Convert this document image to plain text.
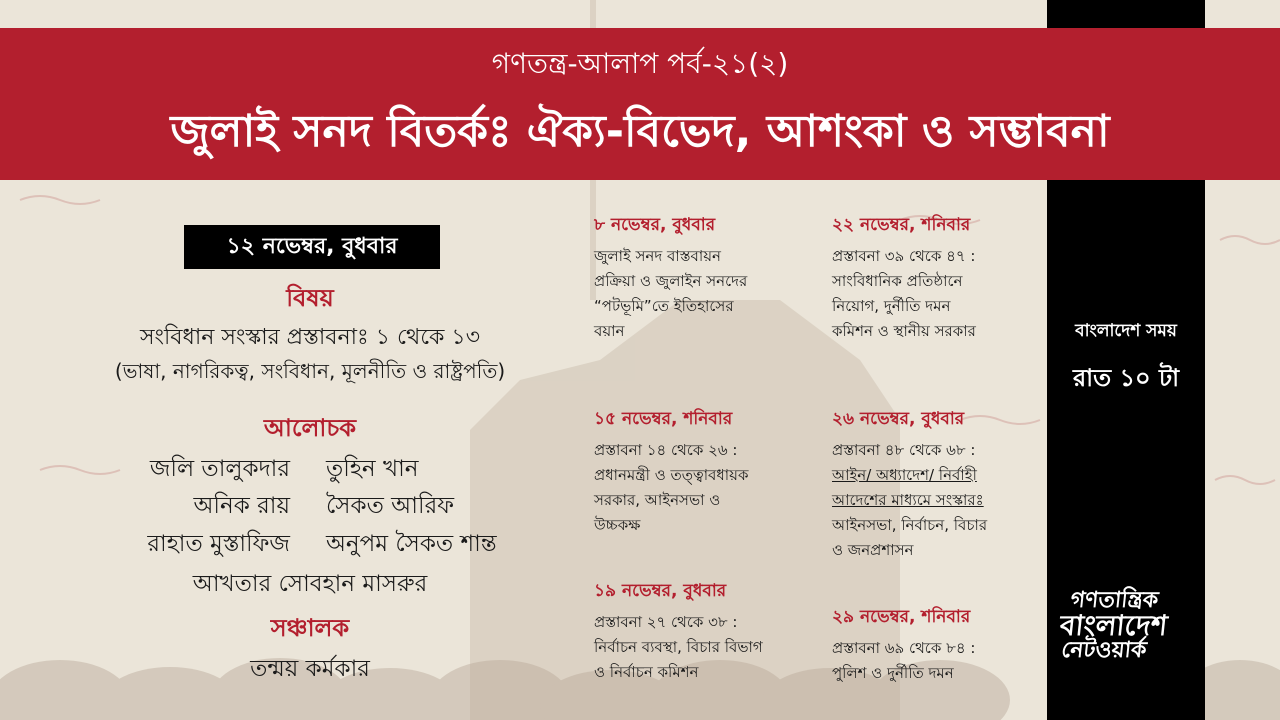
গণতন্ত্র-আলাপ পর্ব-২১(২)
জুলাই সনদ বিতর্কঃ ঐক্য-বিভেদ, আশংকা ও সম্ভাবনা
১২ নভেম্বর, বুধবার
বিষয়
সংবিধান সংস্কার প্রস্তাবনাঃ ১ থেকে ১৩
(ভাষা, নাগরিকত্ব, সংবিধান, মূলনীতি ও রাষ্ট্রপতি)
আলোচক
জলি তালুকদার তুহিন খান
অনিক রায় সৈকত আরিফ
রাহাত মুস্তাফিজ অনুপম সৈকত শান্ত
আখতার সোবহান মাসরুর
সঞ্চালক
তন্ময় কর্মকার
৮ নভেম্বর, বুধবার
জুলাই সনদ বাস্তবায়ন
প্রক্রিয়া ও জুলাইন সনদের
“পটভূমি”তে ইতিহাসের
বয়ান
২২ নভেম্বর, শনিবার
প্রস্তাবনা ৩৯ থেকে ৪৭ :
সাংবিধানিক প্রতিষ্ঠানে
নিয়োগ, দুর্নীতি দমন
কমিশন ও স্থানীয় সরকার
১৫ নভেম্বর, শনিবার
প্রস্তাবনা ১৪ থেকে ২৬ :
প্রধানমন্ত্রী ও তত্ত্বাবধায়ক
সরকার, আইনসভা ও
উচ্চকক্ষ
২৬ নভেম্বর, বুধবার
প্রস্তাবনা ৪৮ থেকে ৬৮ :
আইন/ অধ্যাদেশ/ নির্বাহী
আদেশের মাধ্যমে সংস্কারঃ
আইনসভা, নির্বাচন, বিচার
ও জনপ্রশাসন
১৯ নভেম্বর, বুধবার
প্রস্তাবনা ২৭ থেকে ৩৮ :
নির্বাচন ব্যবস্থা, বিচার বিভাগ
ও নির্বাচন কমিশন
২৯ নভেম্বর, শনিবার
প্রস্তাবনা ৬৯ থেকে ৮৪ :
পুলিশ ও দুর্নীতি দমন
বাংলাদেশ সময়
রাত ১০ টা
গণতান্ত্রিক
বাংলাদেশ
নেটওয়ার্ক
